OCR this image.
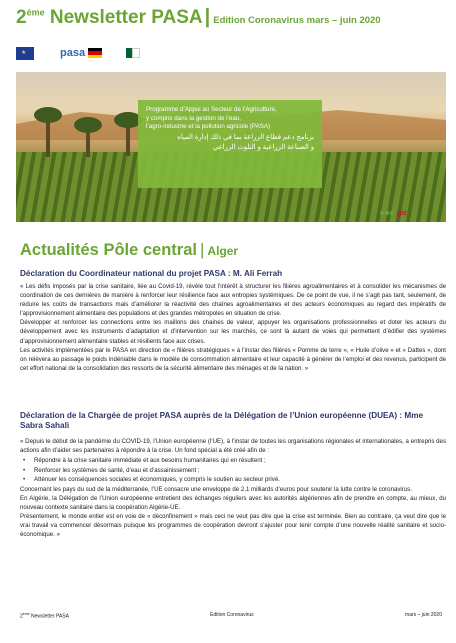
2ème Newsletter PASA | Edition Coronavirus mars – juin 2020
★
pasa

Programme d’Appui au Secteur de l’Agriculture,

y compris dans la gestion de l’eau,

l’agro-industrie et la pollution agricole (PASA)

برنامج دعم قطاع الزراعة بما في ذلك إدارة المياه

و الصناعة الزراعية و التلوث الزراعي

giz
Actualités Pôle central | Alger

Déclaration du Coordinateur national du projet PASA : M. Ali Ferrah

« Les défis imposés par la crise sanitaire, liée au Covid-19, révèle tout l’intérêt à structurer les filières agroalimentaires et à consolider les mécanismes de coordination de ces dernières de manière à renforcer leur résilience face aux entropies systémiques. De ce point de vue, il ne s’agit pas tant, seulement, de réduire les coûts de transactions mais d’améliorer la réactivité des chaînes agroalimentaires et des acteurs économiques au regard des impératifs de l’approvisionnement alimentaire des populations et des grandes métropoles en situation de crise.

Développer et renforcer les connections entre les maillons des chaines de valeur, appuyer les organisations professionnelles et doter les acteurs du développement avec les instruments d’adaptation et d’intervention sur les marchés, ce sont là autant de voies qui permettent d’édifier des systèmes d’approvisionnement alimentaire stables et résilients face aux crises.

Les activités implémentées par le PASA en direction de « filières stratégiques » à l’instar des filières « Pomme de terre », « Huile d’olive » et « Dattes », dont on relèvera au passage le poids indéniable dans le modèle de consommation alimentaire et leur capacité à générer de l’emploi et des revenus, participent de cet effort national de la consolidation des ressorts de la sécurité alimentaire des ménages et de la nation. »

Déclaration de la Chargée de projet PASA auprès de la Délégation de l’Union européenne (DUEA) : Mme Sabra Sahali

« Depuis le début de la pandémie du COVID-19, l’Union européenne (l’UE), à l’instar de toutes les organisations régionales et internationales, a entrepris des actions afin d’aider ses partenaires à répondre à la crise. Un fond spécial a été créé afin de :

• Répondre à la crise sanitaire immédiate et aux besoins humanitaires qui en résultent ;

• Renforcer les systèmes de santé, d’eau et d’assainissement ;

• Atténuer les conséquences sociales et économiques, y compris le soutien au secteur privé.

Concernant les pays du sud de la méditerranée, l’UE consacre une enveloppe de 2,1 milliards d’euros pour soutenir la lutte contre le coronavirus.

En Algérie, la Délégation de l’Union européenne entretient des échanges réguliers avec les autorités algériennes afin de prendre en compte, au mieux, du nouveau contexte sanitaire dans la coopération Algérie-UE.

Présentement, le monde entier est en voie de « déconfinement » mais ceci ne veut pas dire que la crise est terminée. Bien au contraire, ça veut dire que le vrai travail va commencer désormais puisque les programmes de coopération devront s’ajuster pour tenir compte d’une nouvelle réalité sanitaire et socio-économique. »

2ème Newsletter PASA	Edition Coronavirus	mars – juin 2020
